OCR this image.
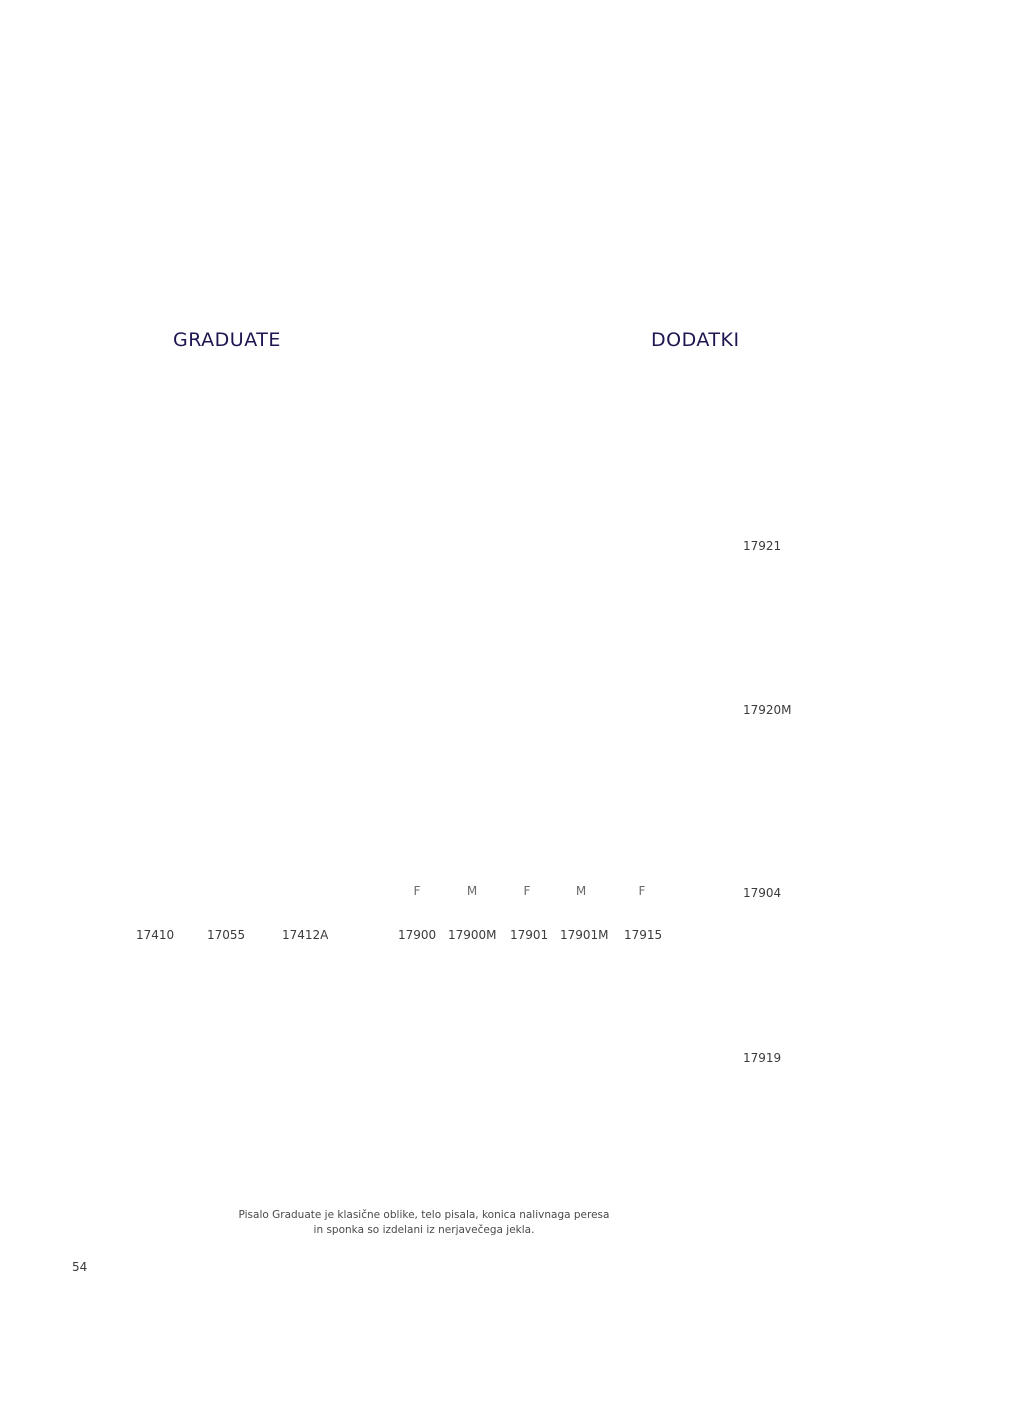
GRADUATE	DODATKI
F	M	F	M	F
17410	17055	17412A	17900 17900M 17901 17901M 17915
17921
17920M
17904
17919
Pisalo Graduate je klasične oblike, telo pisala, konica nalivnaga peresa
in sponka so izdelani iz nerjavečega jekla.
54
